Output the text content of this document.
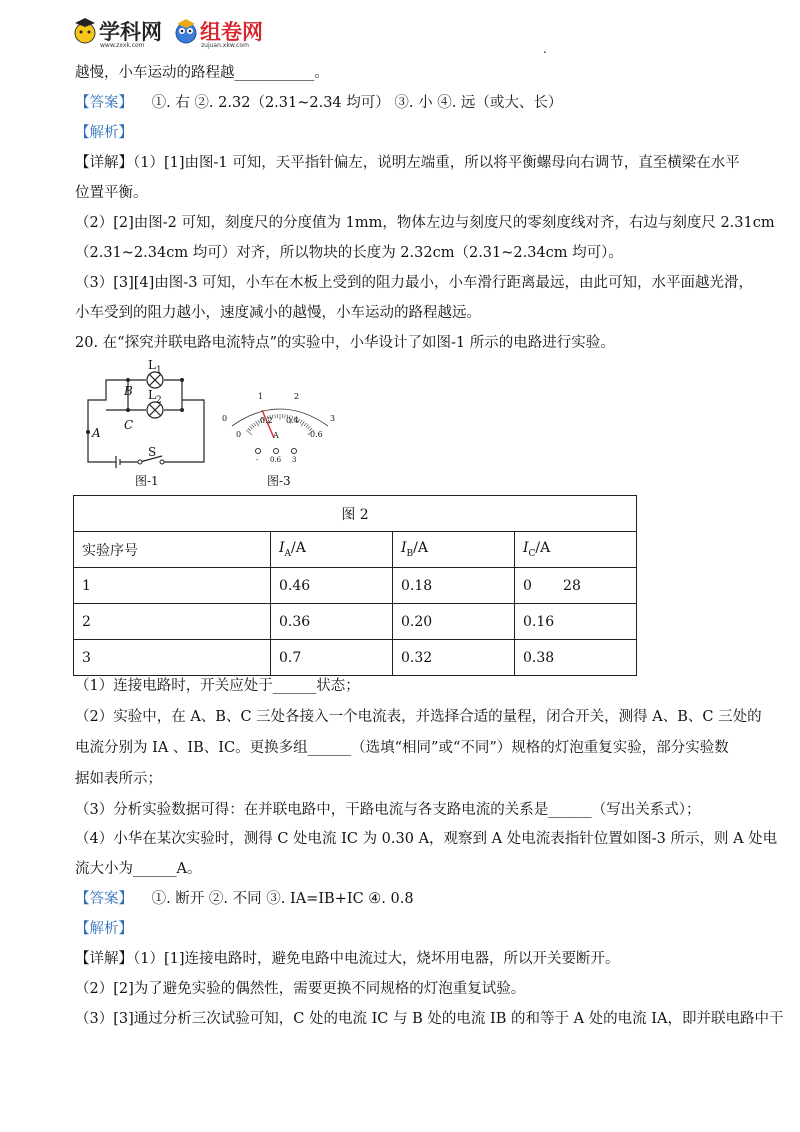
学科网
www.zxxk.com
组卷网
zujuan.xkw.com	.
越慢，小车运动的路程越___________。
【答案】 ①. 右 ②. 2.32（2.31~2.34 均可） ③. 小 ④. 远（或大、长）
【解析】
【详解】（1）[1]由图-1 可知，天平指针偏左，说明左端重，所以将平衡螺母向右调节，直至横梁在水平
位置平衡。
（2）[2]由图-2 可知，刻度尺的分度值为 1mm，物体左边与刻度尺的零刻度线对齐，右边与刻度尺 2.31cm
（2.31~2.34cm 均可）对齐，所以物块的长度为 2.32cm（2.31~2.34cm 均可）。
（3）[3][4]由图-3 可知，小车在木板上受到的阻力最小，小车滑行距离最远，由此可知，水平面越光滑，
小车受到的阻力越小，速度减小的越慢，小车运动的路程越远。
20. 在“探究并联电路电流特点”的实验中，小华设计了如图-1 所示的电路进行实验。
$L_1$
$L_2$
B
C
A
S
图-1
0
1	2
3
0
0.2 0.4
0.6
A
- 0.6 3
图-3
图 2			
实验序号	$I_A/A$	$I_B/A$	$I_C/A$
1	0.46	0.18	0       28
2	0.36	0.20	0.16
3	0.7	0.32	0.38
（1）连接电路时，开关应处于______状态；
（2）实验中，在 A、B、C 三处各接入一个电流表，并选择合适的量程，闭合开关，测得 A、B、C 三处的
电流分别为 IA 、IB、IC。更换多组______（选填“相同”或“不同”）规格的灯泡重复实验，部分实验数
据如表所示；
（3）分析实验数据可得：在并联电路中，干路电流与各支路电流的关系是______（写出关系式）；
（4）小华在某次实验时，测得 C 处电流 IC 为 0.30 A，观察到 A 处电流表指针位置如图-3 所示，则 A 处电
流大小为______A。
【答案】 ①. 断开 ②. 不同 ③. IA=IB+IC ④. 0.8
【解析】
【详解】（1）[1]连接电路时，避免电路中电流过大，烧坏用电器，所以开关要断开。
（2）[2]为了避免实验的偶然性，需要更换不同规格的灯泡重复试验。
（3）[3]通过分析三次试验可知，C 处的电流 IC 与 B 处的电流 IB 的和等于 A 处的电流 IA，即并联电路中干
